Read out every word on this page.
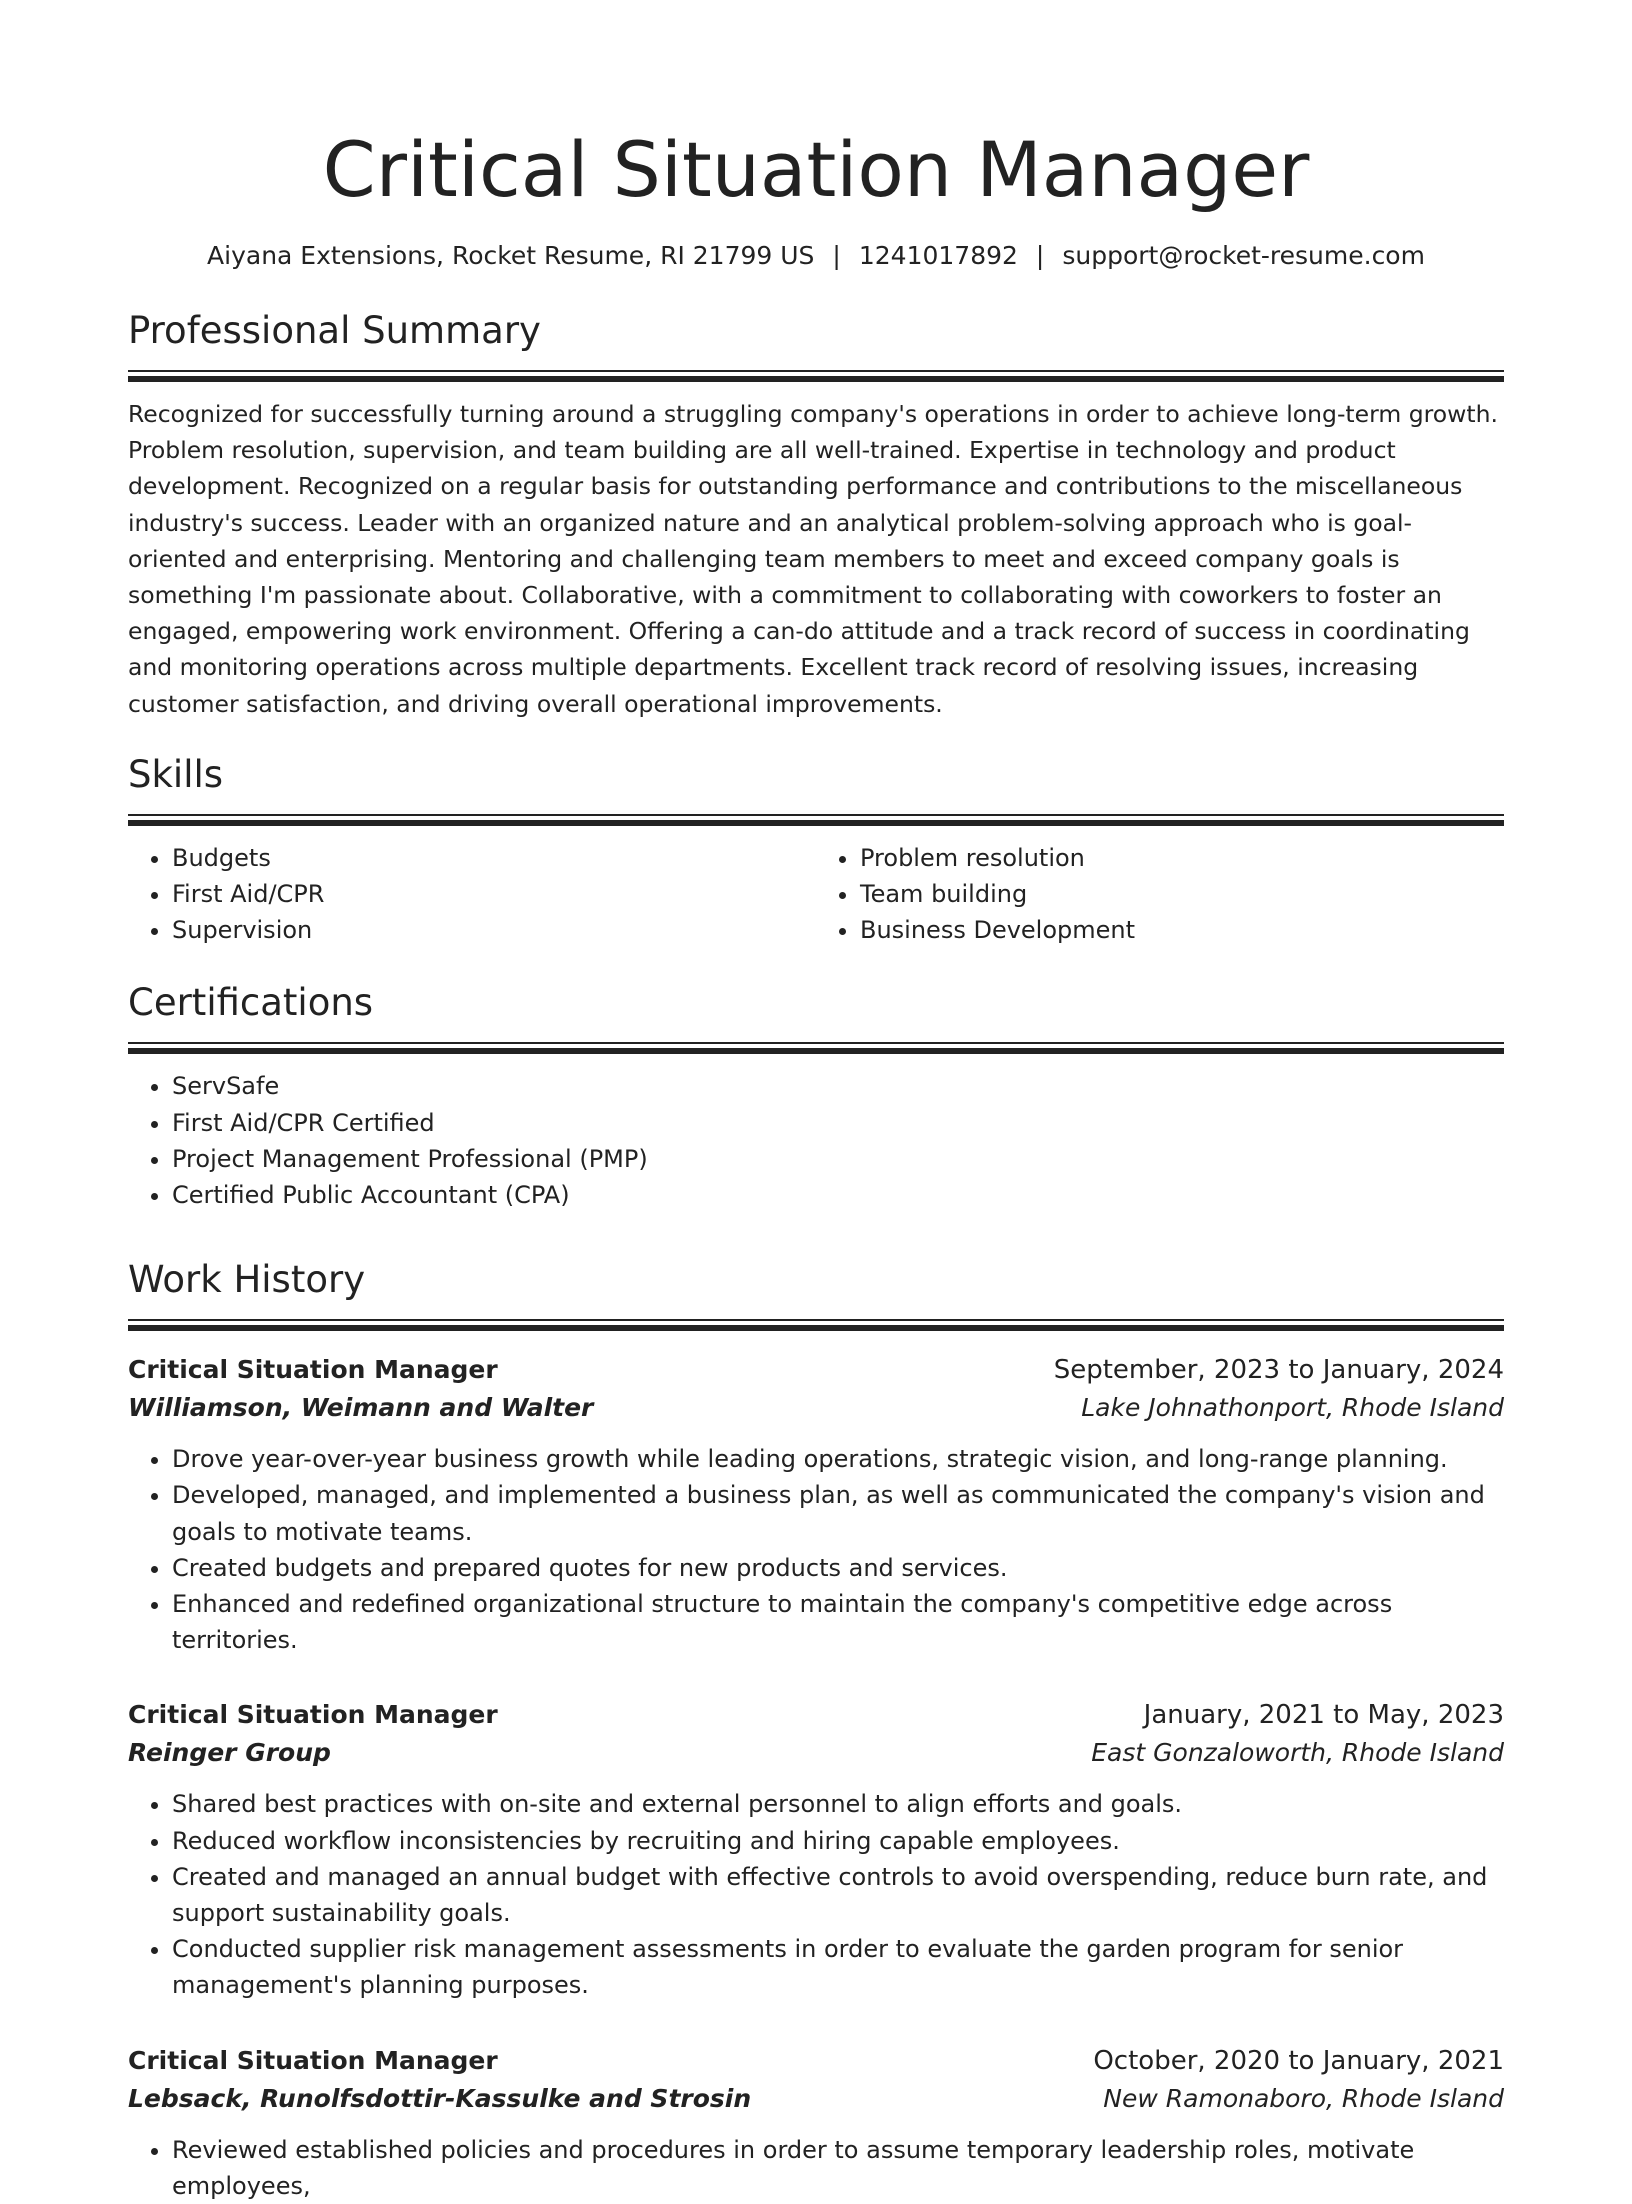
Critical Situation Manager
Aiyana Extensions, Rocket Resume, RI 21799 US | 1241017892 | support@rocket-resume.com
Professional Summary

Recognized for successfully turning around a struggling company's operations in order to achieve long-term growth. Problem resolution, supervision, and team building are all well-trained. Expertise in technology and product development. Recognized on a regular basis for outstanding performance and contributions to the miscellaneous industry's success. Leader with an organized nature and an analytical problem-solving approach who is goal-oriented and enterprising. Mentoring and challenging team members to meet and exceed company goals is something I'm passionate about. Collaborative, with a commitment to collaborating with coworkers to foster an engaged, empowering work environment. Offering a can-do attitude and a track record of success in coordinating and monitoring operations across multiple departments. Excellent track record of resolving issues, increasing customer satisfaction, and driving overall operational improvements.

Skills
• Budgets
• First Aid/CPR
• Supervision
• Problem resolution
• Team building
• Business Development
Certifications
• ServSafe
• First Aid/CPR Certified
• Project Management Professional (PMP)
• Certified Public Accountant (CPA)
Work History
Critical Situation Manager	September, 2023 to January, 2024
Williamson, Weimann and Walter	Lake Johnathonport, Rhode Island
• Drove year-over-year business growth while leading operations, strategic vision, and long-range planning.
• Developed, managed, and implemented a business plan, as well as communicated the company's vision and goals to motivate teams.
• Created budgets and prepared quotes for new products and services.
• Enhanced and redefined organizational structure to maintain the company's competitive edge across territories.
Critical Situation Manager	January, 2021 to May, 2023
Reinger Group	East Gonzaloworth, Rhode Island
• Shared best practices with on-site and external personnel to align efforts and goals.
• Reduced workflow inconsistencies by recruiting and hiring capable employees.
• Created and managed an annual budget with effective controls to avoid overspending, reduce burn rate, and support sustainability goals.
• Conducted supplier risk management assessments in order to evaluate the garden program for senior management's planning purposes.
Critical Situation Manager	October, 2020 to January, 2021
Lebsack, Runolfsdottir-Kassulke and Strosin	New Ramonaboro, Rhode Island
• Reviewed established policies and procedures in order to assume temporary leadership roles, motivate employees,
